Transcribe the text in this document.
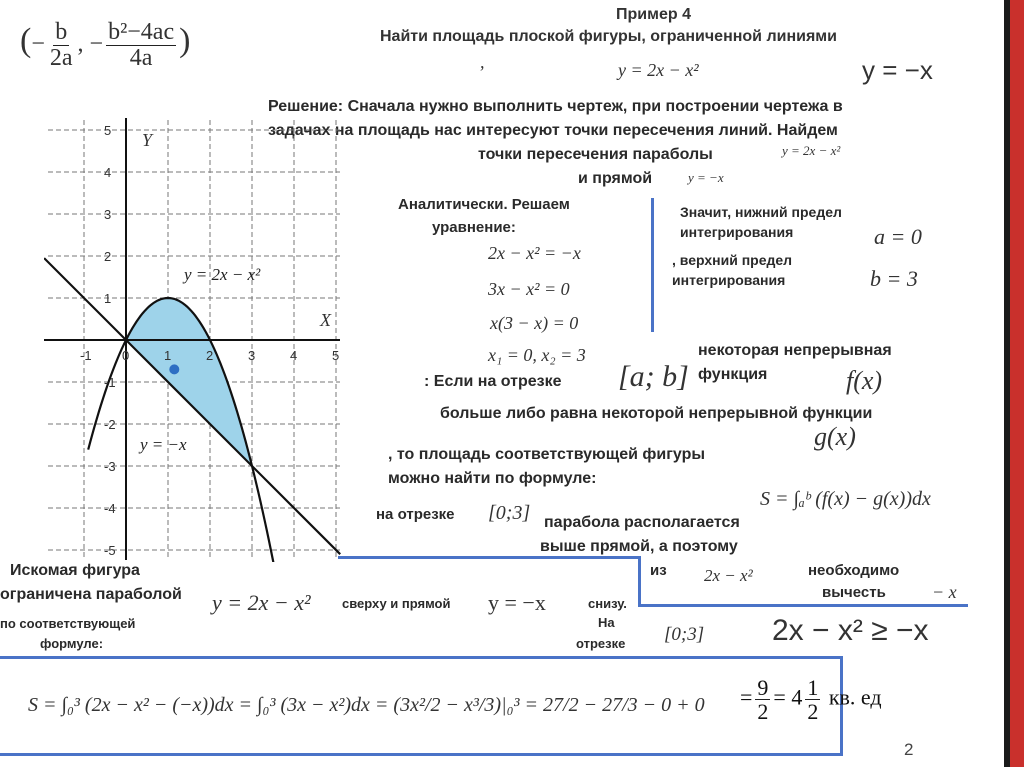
(− $\frac{b}{2a}$ , − $\frac{\text{b²−4ac}}{4a}$ )
Пример 4
Найти площадь плоской фигуры, ограниченной линиями
,	y = 2x − x²	y = −x
Решение: Сначала нужно выполнить чертеж, при построении чертежа в
задачах на площадь нас интересуют точки пересечения линий. Найдем
точки пересечения параболы	y = 2x − x²
и прямой	y = −x
Аналитически. Решаем
уравнение:
2x − x² = −x
3x − x² = 0
x(3 − x) = 0
x₁ = 0, x₂ = 3
Значит, нижний предел
интегрирования	a = 0
, верхний предел
интегрирования	b = 3
некоторая непрерывная
функция	f(x)
: Если на отрезке [a; b]
больше либо равна некоторой непрерывной функции
g(x)
, то площадь соответствующей фигуры
можно найти по формуле:
S = ∫ₐᵇ (f(x) − g(x))dx
на отрезке [0;3] парабола располагается
выше прямой, а поэтому
из 2x − x²	необходимо
вычесть	− x
Искомая фигура
ограничена параболой y = 2x − x² сверху и прямой y = −x	снизу.
На
отрезке [0;3] 2x − x² ≥ −x
по соответствующей
формуле:
S = ∫₀³ (2x − x² − (−x))dx = ∫₀³ $(3x - x^2)dx = (3x^2/2 - x^3/3)|_0^3 = 27/2 - 27/3 - 0 + 0 = \frac{9}{2} = 4 \frac{1}{2}$ кв. ед
2
-1 0	1	2	3	4	5
5
4
3
2
1
-1
-2
-3
-4
-5
Y
X
y = 2x − x²
y = −x
